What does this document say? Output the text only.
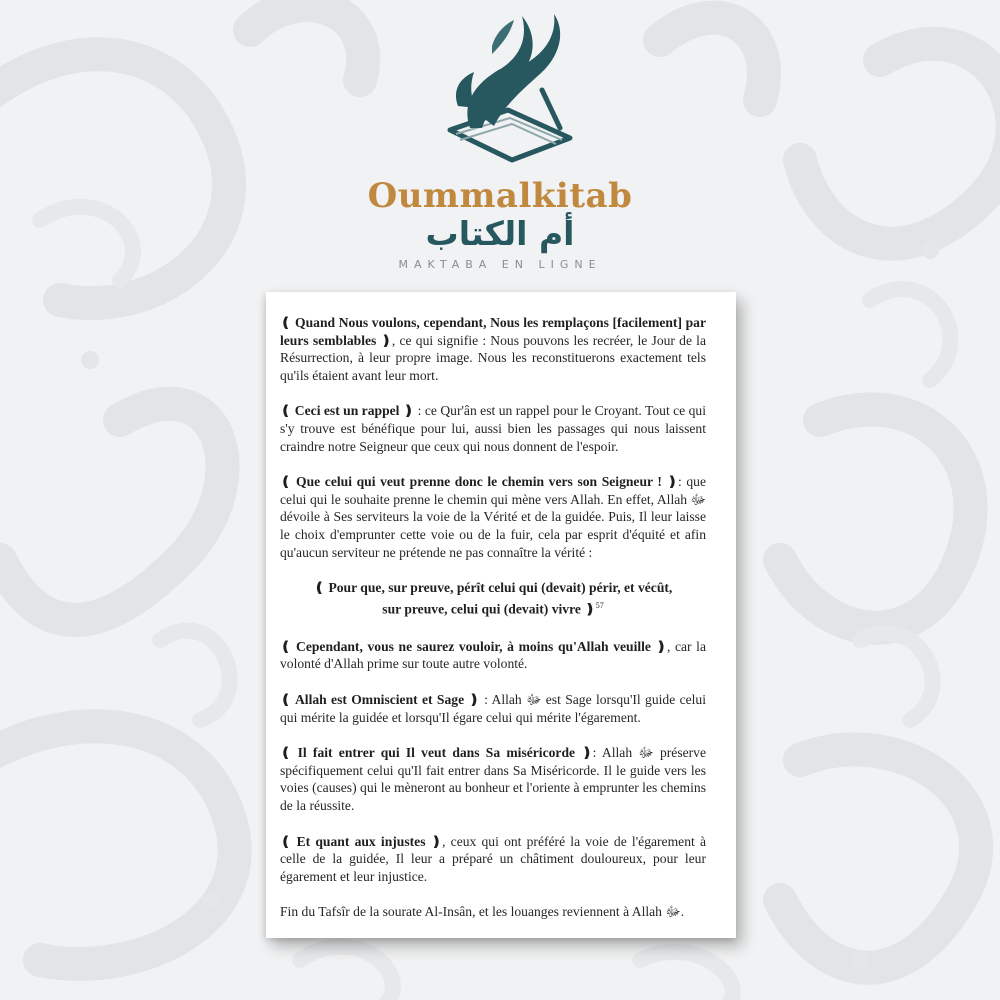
Oummalkitab
أم الكتاب
MAKTABA EN LIGNE

❪ Quand Nous voulons, cependant, Nous les remplaçons [facilement] par leurs semblables ❫, ce qui signifie : Nous pouvons les recréer, le Jour de la Résurrection, à leur propre image. Nous les reconstituerons exactement tels qu'ils étaient avant leur mort.

❪ Ceci est un rappel ❫ : ce Qur'ân est un rappel pour le Croyant. Tout ce qui s'y trouve est bénéfique pour lui, aussi bien les passages qui nous laissent craindre notre Seigneur que ceux qui nous donnent de l'espoir.

❪ Que celui qui veut prenne donc le chemin vers son Seigneur ! ❫: que celui qui le souhaite prenne le chemin qui mène vers Allah. En effet, Allah ﷻ dévoile à Ses serviteurs la voie de la Vérité et de la guidée. Puis, Il leur laisse le choix d'emprunter cette voie ou de la fuir, cela par esprit d'équité et afin qu'aucun serviteur ne prétende ne pas connaître la vérité :

❪ Pour que, sur preuve, pérît celui qui (devait) périr, et vécût,
sur preuve, celui qui (devait) vivre ❫$^{57}$

❪ Cependant, vous ne saurez vouloir, à moins qu'Allah veuille ❫, car la volonté d'Allah prime sur toute autre volonté.

❪ Allah est Omniscient et Sage ❫ : Allah ﷻ est Sage lorsqu'Il guide celui qui mérite la guidée et lorsqu'Il égare celui qui mérite l'égarement.

❪ Il fait entrer qui Il veut dans Sa miséricorde ❫: Allah ﷻ préserve spécifiquement celui qu'Il fait entrer dans Sa Miséricorde. Il le guide vers les voies (causes) qui le mèneront au bonheur et l'oriente à emprunter les chemins de la réussite.

❪ Et quant aux injustes ❫, ceux qui ont préféré la voie de l'égarement à celle de la guidée, Il leur a préparé un châtiment douloureux, pour leur égarement et leur injustice.

Fin du Tafsîr de la sourate Al-Insân, et les louanges reviennent à Allah ﷻ.
